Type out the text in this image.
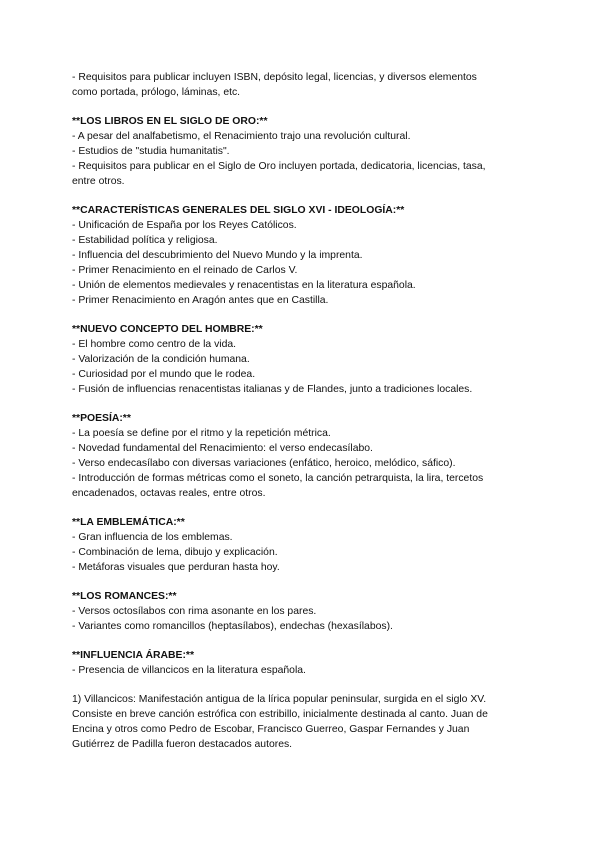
- Requisitos para publicar incluyen ISBN, depósito legal, licencias, y diversos elementos

como portada, prólogo, láminas, etc.

**LOS LIBROS EN EL SIGLO DE ORO:**

- A pesar del analfabetismo, el Renacimiento trajo una revolución cultural.

- Estudios de "studia humanitatis".

- Requisitos para publicar en el Siglo de Oro incluyen portada, dedicatoria, licencias, tasa,

entre otros.

**CARACTERÍSTICAS GENERALES DEL SIGLO XVI - IDEOLOGÍA:**

- Unificación de España por los Reyes Católicos.

- Estabilidad política y religiosa.

- Influencia del descubrimiento del Nuevo Mundo y la imprenta.

- Primer Renacimiento en el reinado de Carlos V.

- Unión de elementos medievales y renacentistas en la literatura española.

- Primer Renacimiento en Aragón antes que en Castilla.

**NUEVO CONCEPTO DEL HOMBRE:**

- El hombre como centro de la vida.

- Valorización de la condición humana.

- Curiosidad por el mundo que le rodea.

- Fusión de influencias renacentistas italianas y de Flandes, junto a tradiciones locales.

**POESÍA:**

- La poesía se define por el ritmo y la repetición métrica.

- Novedad fundamental del Renacimiento: el verso endecasílabo.

- Verso endecasílabo con diversas variaciones (enfático, heroico, melódico, sáfico).

- Introducción de formas métricas como el soneto, la canción petrarquista, la lira, tercetos

encadenados, octavas reales, entre otros.

**LA EMBLEMÁTICA:**

- Gran influencia de los emblemas.

- Combinación de lema, dibujo y explicación.

- Metáforas visuales que perduran hasta hoy.

**LOS ROMANCES:**

- Versos octosílabos con rima asonante en los pares.

- Variantes como romancillos (heptasílabos), endechas (hexasílabos).

**INFLUENCIA ÁRABE:**

- Presencia de villancicos en la literatura española.

1) Villancicos: Manifestación antigua de la lírica popular peninsular, surgida en el siglo XV.

Consiste en breve canción estrófica con estribillo, inicialmente destinada al canto. Juan de

Encina y otros como Pedro de Escobar, Francisco Guerreo, Gaspar Fernandes y Juan

Gutiérrez de Padilla fueron destacados autores.
